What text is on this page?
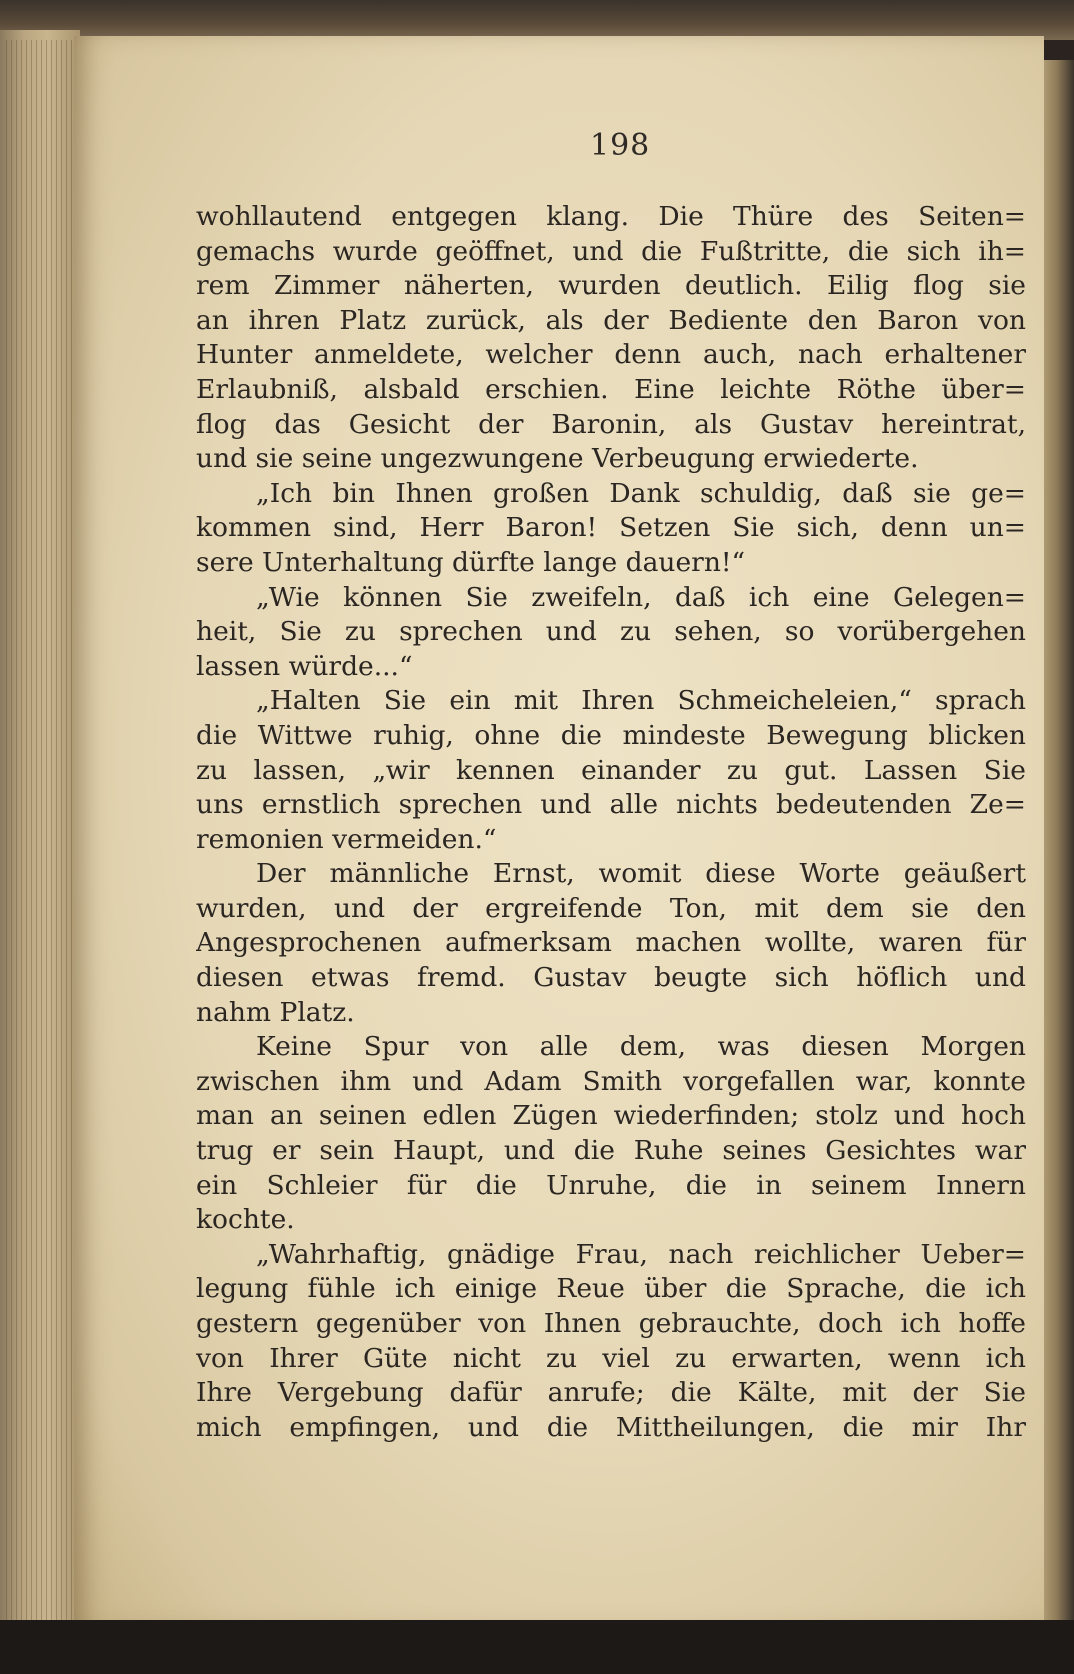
198
wohllautend entgegen klang. Die Thüre des Seiten=
gemachs wurde geöffnet, und die Fußtritte, die sich ih=
rem Zimmer näherten, wurden deutlich. Eilig flog sie
an ihren Platz zurück, als der Bediente den Baron von
Hunter anmeldete, welcher denn auch, nach erhaltener
Erlaubniß, alsbald erschien. Eine leichte Röthe über=
flog das Gesicht der Baronin, als Gustav hereintrat,
und sie seine ungezwungene Verbeugung erwiederte.
„Ich bin Ihnen großen Dank schuldig, daß sie ge=
kommen sind, Herr Baron! Setzen Sie sich, denn un=
sere Unterhaltung dürfte lange dauern!“
„Wie können Sie zweifeln, daß ich eine Gelegen=
heit, Sie zu sprechen und zu sehen, so vorübergehen
lassen würde...“
„Halten Sie ein mit Ihren Schmeicheleien,“ sprach
die Wittwe ruhig, ohne die mindeste Bewegung blicken
zu lassen, „wir kennen einander zu gut. Lassen Sie
uns ernstlich sprechen und alle nichts bedeutenden Ze=
remonien vermeiden.“
Der männliche Ernst, womit diese Worte geäußert
wurden, und der ergreifende Ton, mit dem sie den
Angesprochenen aufmerksam machen wollte, waren für
diesen etwas fremd. Gustav beugte sich höflich und
nahm Platz.
Keine Spur von alle dem, was diesen Morgen
zwischen ihm und Adam Smith vorgefallen war, konnte
man an seinen edlen Zügen wiederfinden; stolz und hoch
trug er sein Haupt, und die Ruhe seines Gesichtes war
ein Schleier für die Unruhe, die in seinem Innern
kochte.
„Wahrhaftig, gnädige Frau, nach reichlicher Ueber=
legung fühle ich einige Reue über die Sprache, die ich
gestern gegenüber von Ihnen gebrauchte, doch ich hoffe
von Ihrer Güte nicht zu viel zu erwarten, wenn ich
Ihre Vergebung dafür anrufe; die Kälte, mit der Sie
mich empfingen, und die Mittheilungen, die mir Ihr
